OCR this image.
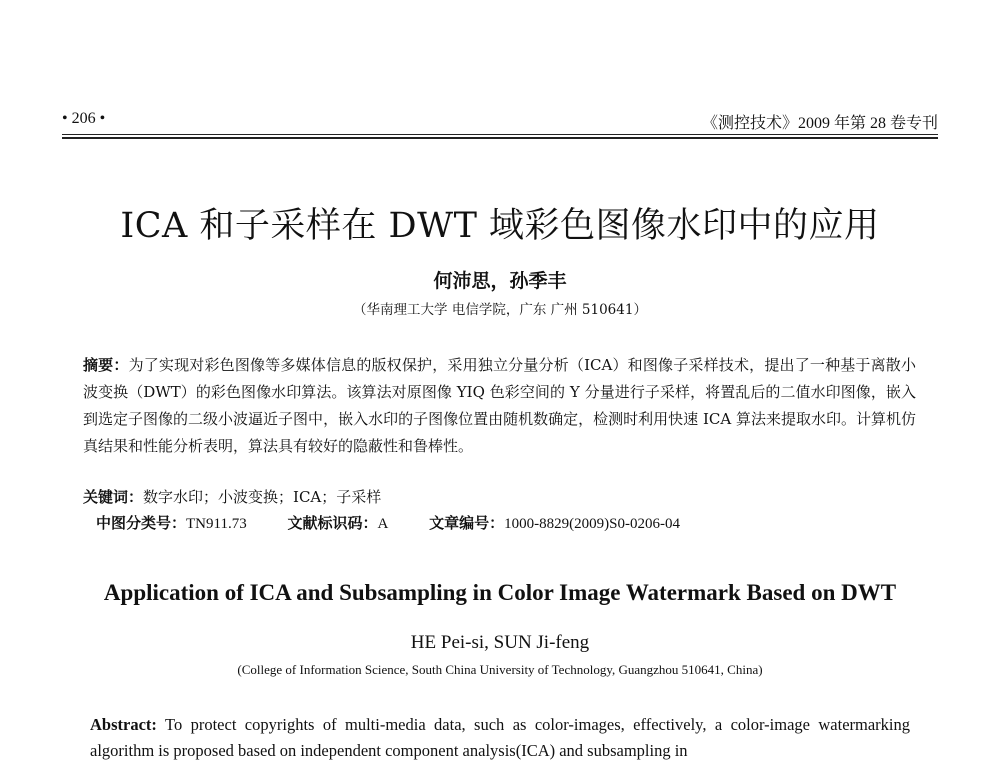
• 206 •	《测控技术》2009 年第 28 卷专刊
ICA 和子采样在 DWT 域彩色图像水印中的应用
何沛思，孙季丰
（华南理工大学 电信学院，广东 广州 510641）
摘要：为了实现对彩色图像等多媒体信息的版权保护，采用独立分量分析（ICA）和图像子采样技术，提出了一种基于离散小波变换（DWT）的彩色图像水印算法。该算法对原图像 YIQ 色彩空间的 Y 分量进行子采样，将置乱后的二值水印图像，嵌入到选定子图像的二级小波逼近子图中，嵌入水印的子图像位置由随机数确定，检测时利用快速 ICA 算法来提取水印。计算机仿真结果和性能分析表明，算法具有较好的隐蔽性和鲁棒性。
关键词：数字水印；小波变换；ICA；子采样
中图分类号：TN911.73	文献标识码：A	文章编号：1000-8829(2009)S0-0206-04
Application of ICA and Subsampling in Color Image Watermark Based on DWT
HE Pei-si, SUN Ji-feng
(College of Information Science, South China University of Technology, Guangzhou 510641, China)
Abstract: To protect copyrights of multi-media data, such as color-images, effectively, a color-image watermarking algorithm is proposed based on independent component analysis(ICA) and subsampling in
